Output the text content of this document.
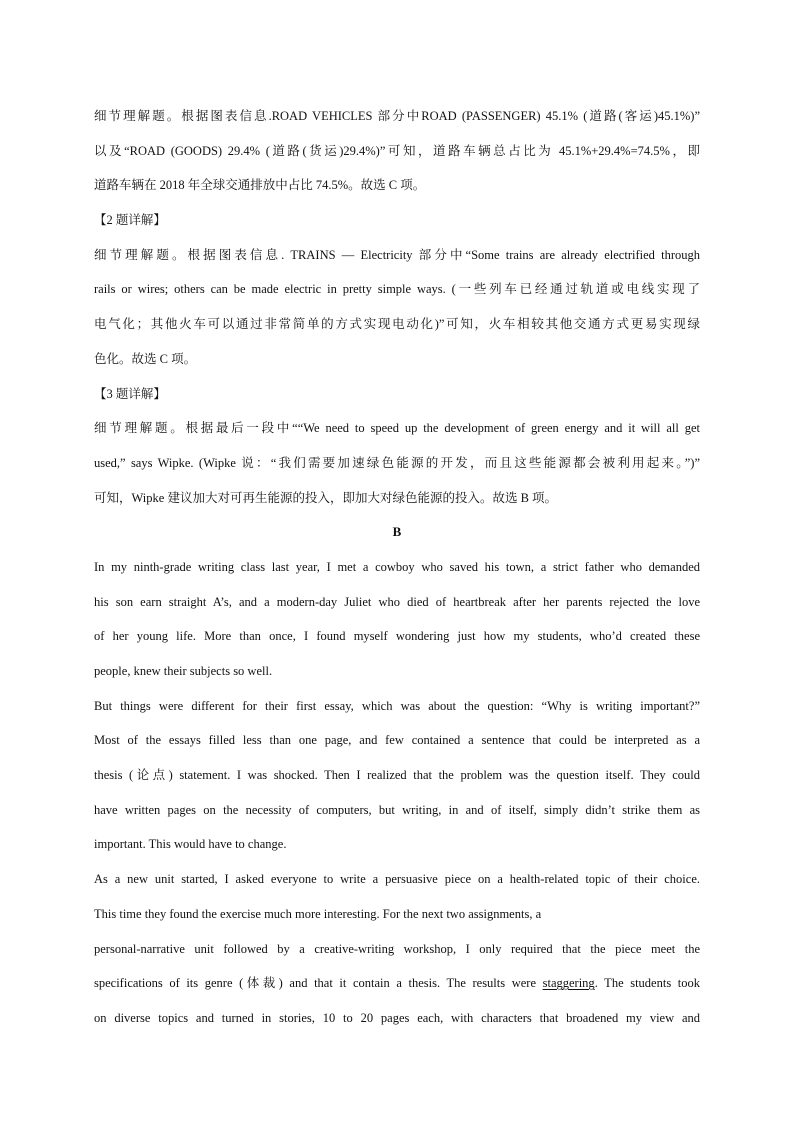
细节理解题。根据图表信息.ROAD VEHICLES 部分中ROAD (PASSENGER) 45.1% (道路(客运)45.1%)”
以及“ROAD (GOODS) 29.4% (道路(货运)29.4%)”可知，道路车辆总占比为 45.1%+29.4%=74.5%，即
道路车辆在 2018 年全球交通排放中占比 74.5%。故选 C 项。
【2 题详解】
细节理解题。根据图表信息. TRAINS — Electricity 部分中“Some trains are already electrified through
rails or wires; others can be made electric in pretty simple ways. (一些列车已经通过轨道或电线实现了
电气化；其他火车可以通过非常简单的方式实现电动化)”可知，火车相较其他交通方式更易实现绿
色化。故选 C 项。
【3 题详解】
细节理解题。根据最后一段中““We need to speed up the development of green energy and it will all get
used,” says Wipke. (Wipke 说：“我们需要加速绿色能源的开发，而且这些能源都会被利用起来。”)”
可知，Wipke 建议加大对可再生能源的投入，即加大对绿色能源的投入。故选 B 项。
B
In my ninth-grade writing class last year, I met a cowboy who saved his town, a strict father who demanded
his son earn straight A’s, and a modern-day Juliet who died of heartbreak after her parents rejected the love
of her young life. More than once, I found myself wondering just how my students, who’d created these
people, knew their subjects so well.
But things were different for their first essay, which was about the question: “Why is writing important?”
Most of the essays filled less than one page, and few contained a sentence that could be interpreted as a
thesis (论点) statement. I was shocked. Then I realized that the problem was the question itself. They could
have written pages on the necessity of computers, but writing, in and of itself, simply didn’t strike them as
important. This would have to change.
As a new unit started, I asked everyone to write a persuasive piece on a health-related topic of their choice.
This time they found the exercise much more interesting. For the next two assignments, a
personal-narrative unit followed by a creative-writing workshop, I only required that the piece meet the
specifications of its genre (体裁) and that it contain a thesis. The results were staggering. The students took
on diverse topics and turned in stories, 10 to 20 pages each, with characters that broadened my view and
